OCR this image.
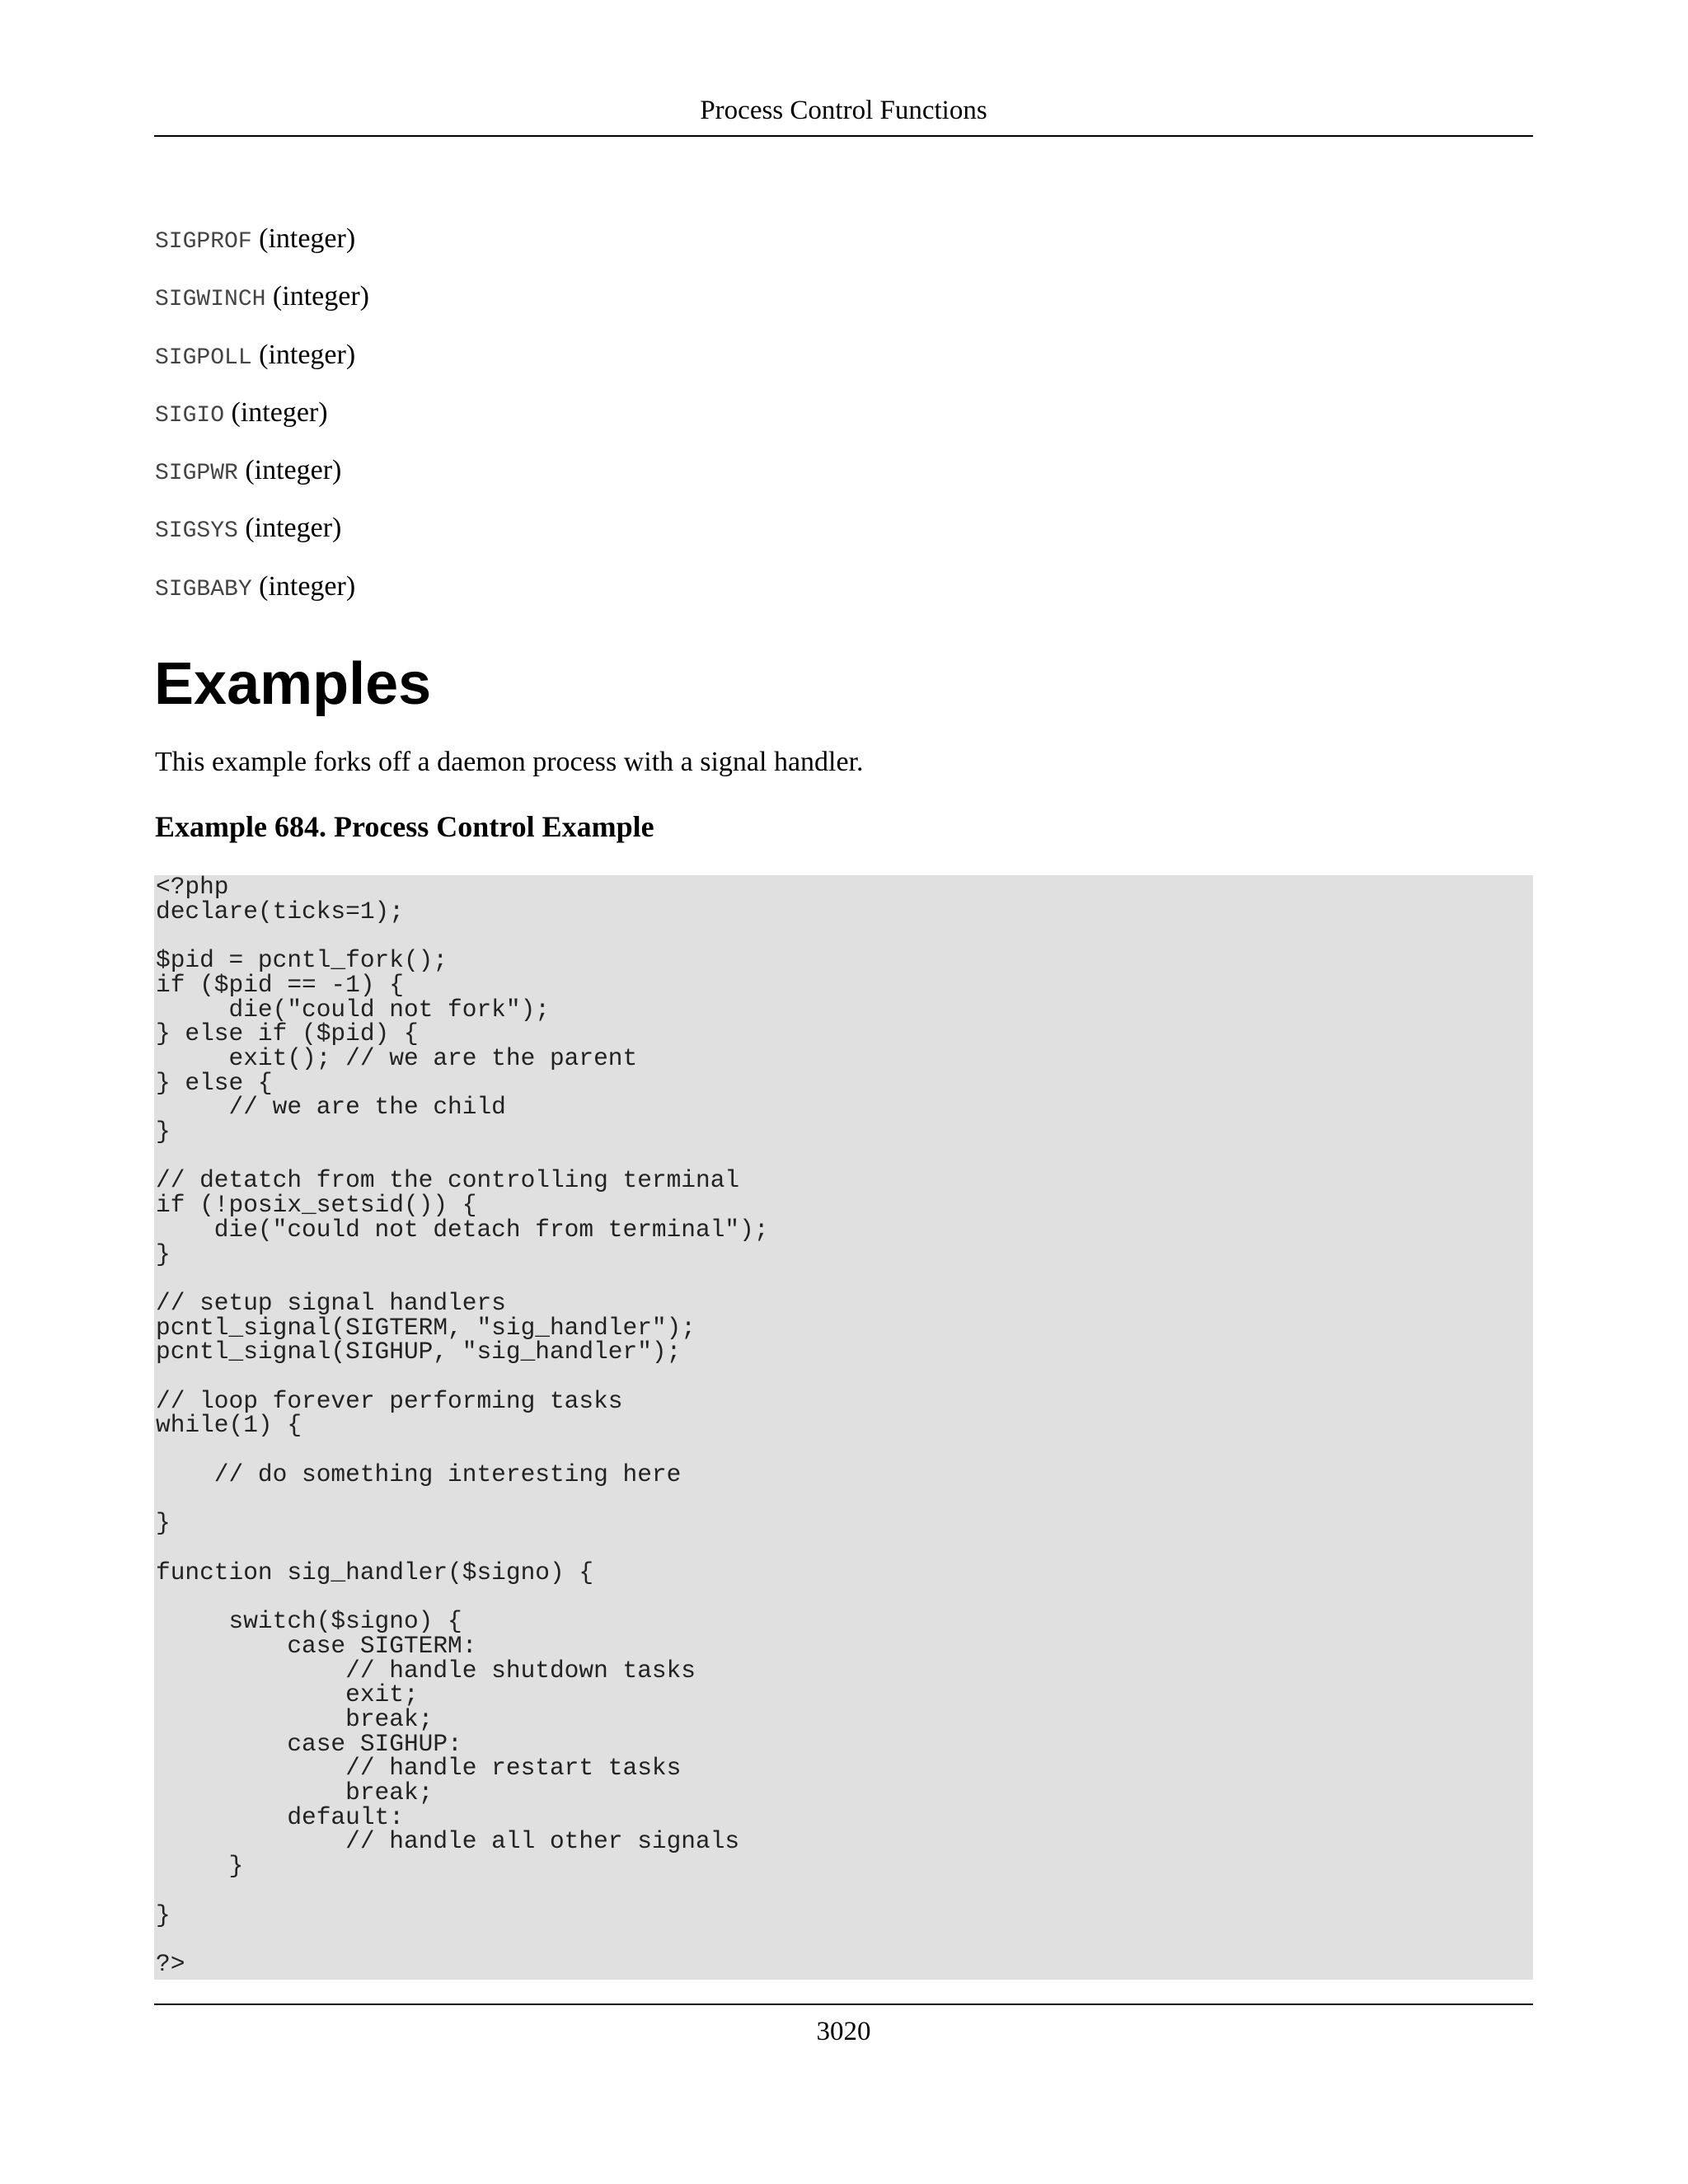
Process Control Functions
SIGPROF (integer)
SIGWINCH (integer)
SIGPOLL (integer)
SIGIO (integer)
SIGPWR (integer)
SIGSYS (integer)
SIGBABY (integer)
Examples

This example forks off a daemon process with a signal handler.

Example 684. Process Control Example
<?php
declare(ticks=1);

$pid = pcntl_fork();
if ($pid == -1) {
die("could not fork");
} else if ($pid) {
exit(); // we are the parent
} else {
// we are the child
}

// detatch from the controlling terminal
if (!posix_setsid()) {
die("could not detach from terminal");
}

// setup signal handlers
pcntl_signal(SIGTERM, "sig_handler");
pcntl_signal(SIGHUP, "sig_handler");

// loop forever performing tasks
while(1) {

// do something interesting here

}

function sig_handler($signo) {

switch($signo) {
case SIGTERM:
// handle shutdown tasks
exit;
break;
case SIGHUP:
// handle restart tasks
break;
default:
// handle all other signals
}

}

?>
3020
